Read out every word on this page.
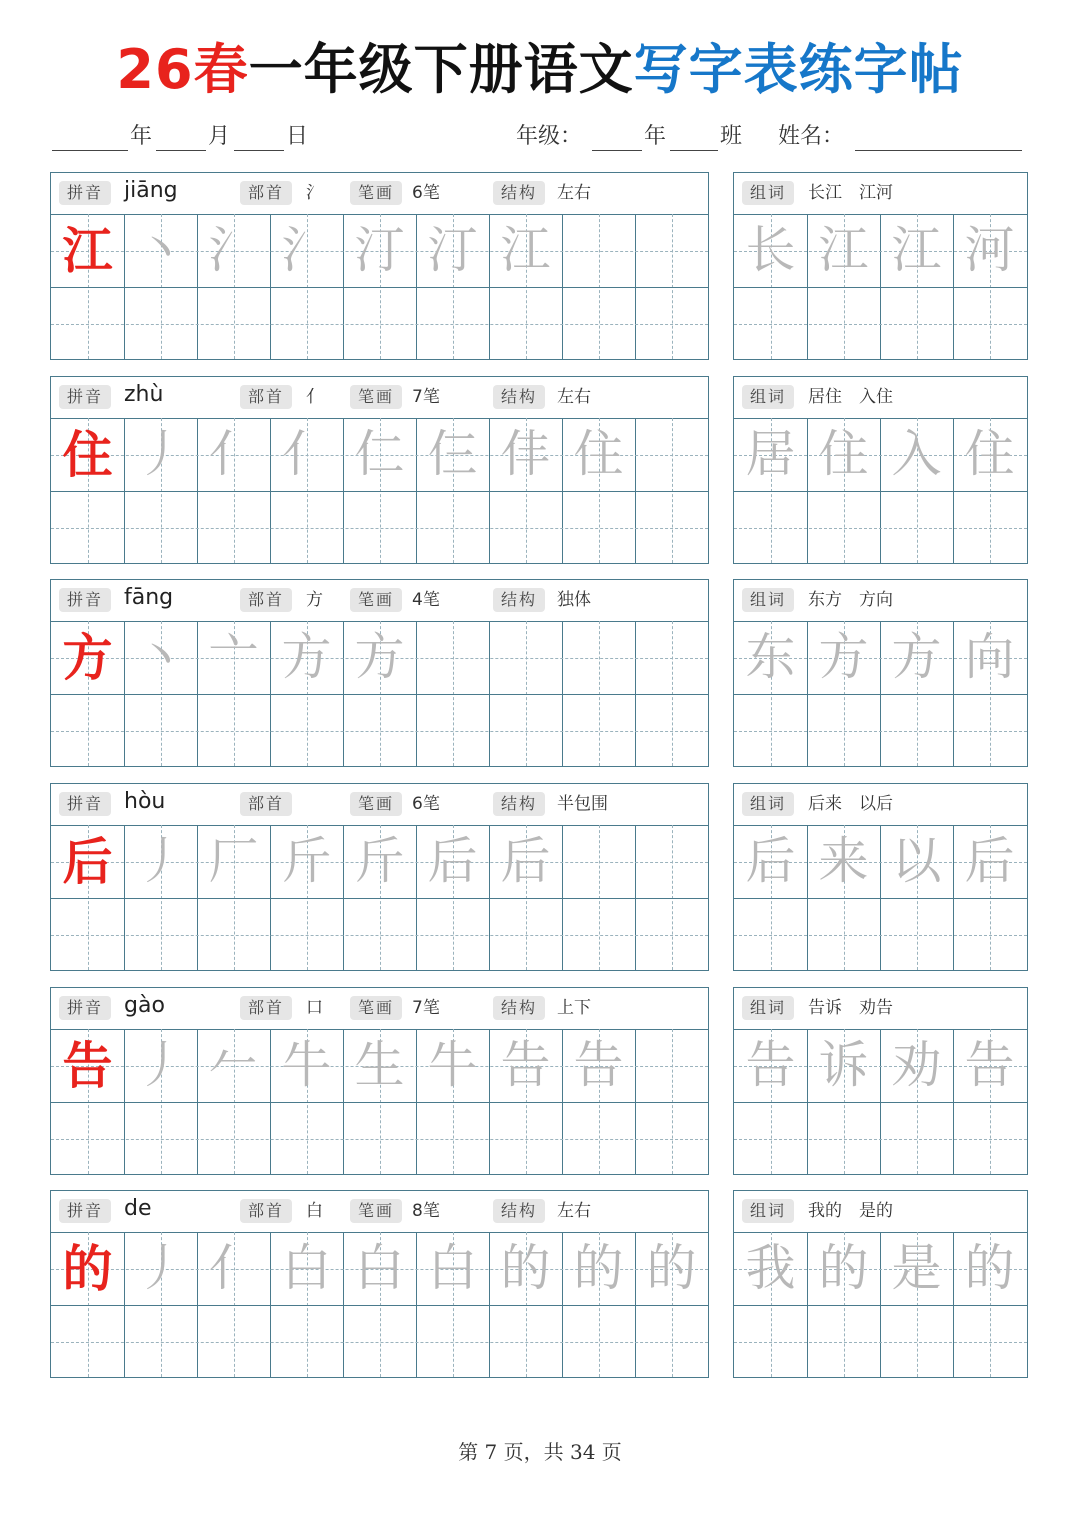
26春一年级下册语文写字表练字帖
年	月	日	年级：	年 班 姓名：
拼音 jiāng	部首	氵	笔画	6笔	结构	左右
江 丶 氵 氵 汀 汀 江
组词	长江　江河
长 江 江 河
拼音 zhù	部首	亻	笔画	7笔	结构	左右
住 丿 亻 亻 仁 仨 仹 住
组词	居住　入住
居 住 入 住
拼音 fāng	部首	方	笔画	4笔	结构	独体
方 丶 亠 方 方
组词	东方　方向
东 方 方 向
拼音 hòu	部首	笔画	6笔	结构	半包围
后 丿 厂 斤 斤 后 后
组词	后来　以后
后 来 以 后
拼音 gào	部首	口	笔画	7笔	结构	上下
告 丿 𠂉 牛 生 牛 告 告
组词	告诉　劝告
告 诉 劝 告
拼音 de	部首	白	笔画	8笔	结构	左右
的 丿 亻 白 白 白 的 的 的
组词	我的　是的
我 的 是 的
第 7 页，共 34 页
